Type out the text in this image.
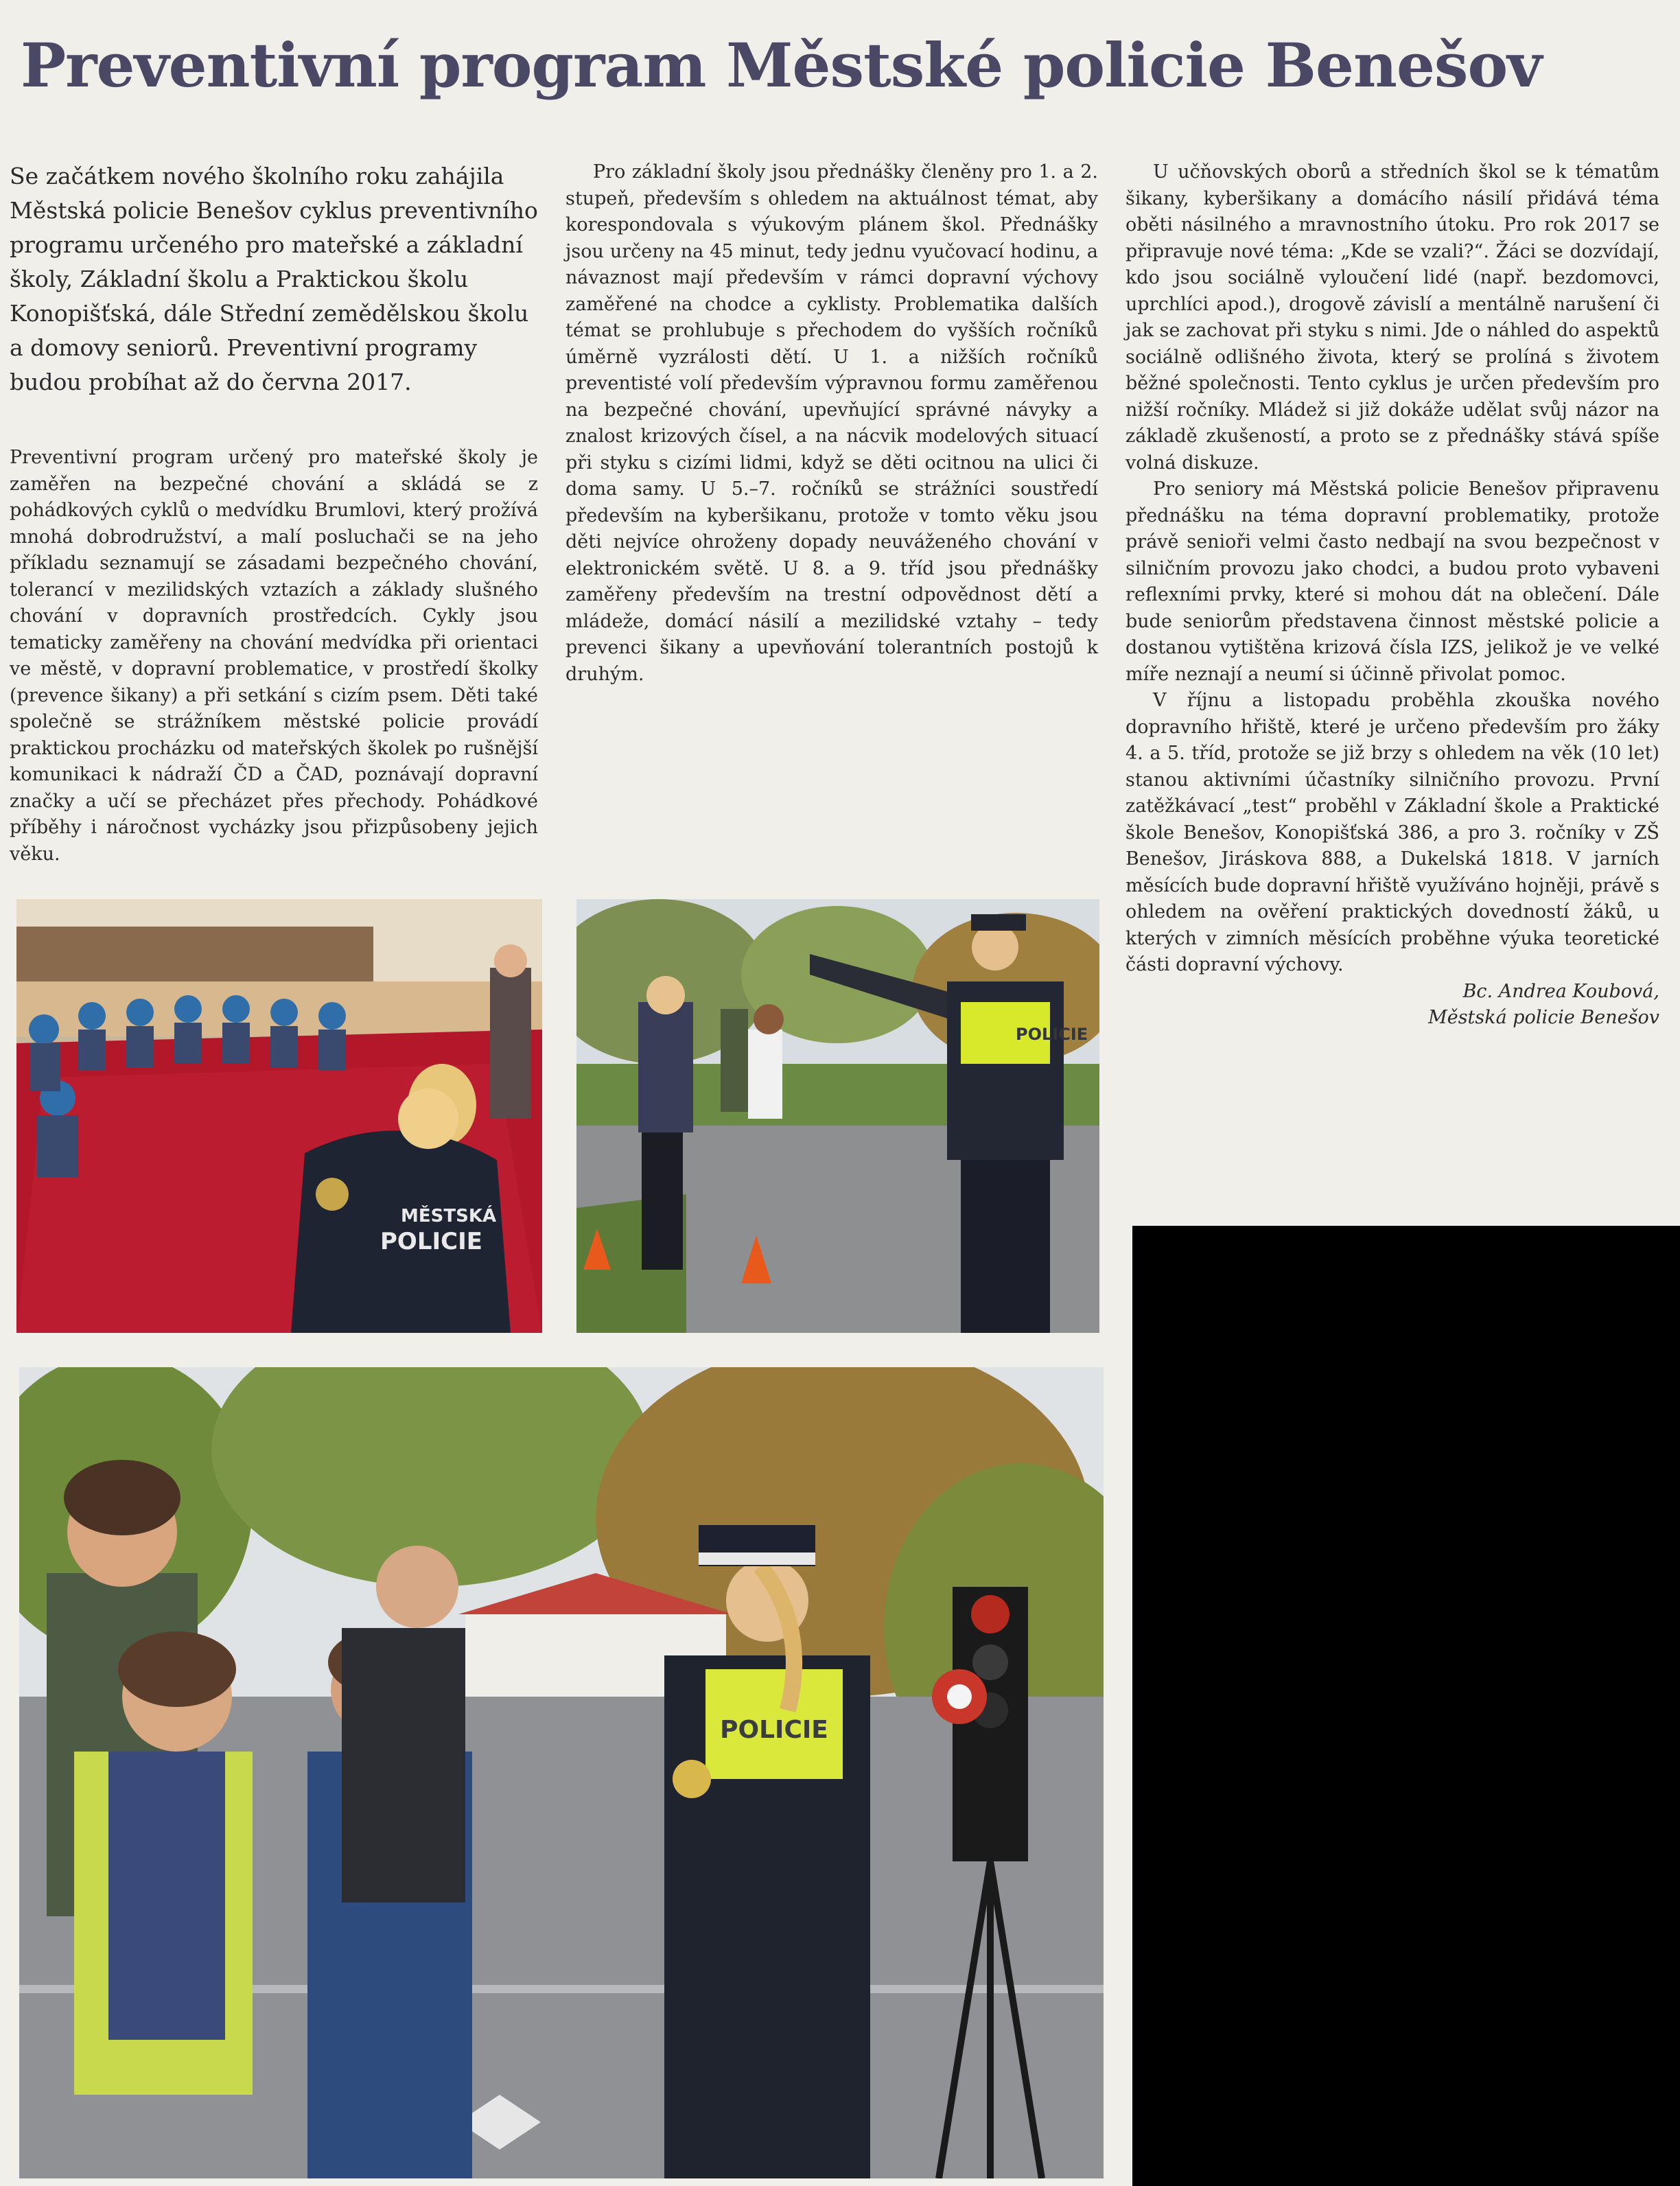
Preventivní program Městské policie Benešov

Se začátkem nového školního roku zahájila Městská policie Benešov cyklus preventivního programu určeného pro mateřské a základní školy, Základní školu a Praktickou školu Konopišťská, dále Střední zemědělskou školu a domovy seniorů. Preventivní programy budou probíhat až do června 2017.

Preventivní program určený pro mateřské školy je zaměřen na bezpečné chování a skládá se z pohádkových cyklů o medvídku Brumlovi, který prožívá mnohá dobrodružství, a malí posluchači se na jeho příkladu seznamují se zásadami bezpečného chování, tolerancí v mezilidských vztazích a základy slušného chování v dopravních prostředcích. Cykly jsou tematicky zaměřeny na chování medvídka při orientaci ve městě, v dopravní problematice, v prostředí školky (prevence šikany) a při setkání s cizím psem. Děti také společně se strážníkem městské policie provádí praktickou procházku od mateřských školek po rušnější komunikaci k nádraží ČD a ČAD, poznávají dopravní značky a učí se přecházet přes přechody. Pohádkové příběhy i náročnost vycházky jsou přizpůsobeny jejich věku.

Pro základní školy jsou přednášky členěny pro 1. a 2. stupeň, především s ohledem na aktuálnost témat, aby korespondovala s výukovým plánem škol. Přednášky jsou určeny na 45 minut, tedy jednu vyučovací hodinu, a návaznost mají především v rámci dopravní výchovy zaměřené na chodce a cyklisty. Problematika dalších témat se prohlubuje s přechodem do vyšších ročníků úměrně vyzrálosti dětí. U 1. a nižších ročníků preventisté volí především výpravnou formu zaměřenou na bezpečné chování, upevňující správné návyky a znalost krizových čísel, a na nácvik modelových situací při styku s cizími lidmi, když se děti ocitnou na ulici či doma samy. U 5.–7. ročníků se strážníci soustředí především na kyberšikanu, protože v tomto věku jsou děti nejvíce ohroženy dopady neuváženého chování v elektronickém světě. U 8. a 9. tříd jsou přednášky zaměřeny především na trestní odpovědnost dětí a mládeže, domácí násilí a mezilidské vztahy – tedy prevenci šikany a upevňování tolerantních postojů k druhým.

U učňovských oborů a středních škol se k tématům šikany, kyberšikany a domácího násilí přidává téma oběti násilného a mravnostního útoku. Pro rok 2017 se připravuje nové téma: „Kde se vzali?“. Žáci se dozvídají, kdo jsou sociálně vyloučení lidé (např. bezdomovci, uprchlíci apod.), drogově závislí a mentálně narušení či jak se zachovat při styku s nimi. Jde o náhled do aspektů sociálně odlišného života, který se prolíná s životem běžné společnosti. Tento cyklus je určen především pro nižší ročníky. Mládež si již dokáže udělat svůj názor na základě zkušeností, a proto se z přednášky stává spíše volná diskuze.

Pro seniory má Městská policie Benešov připravenu přednášku na téma dopravní problematiky, protože právě senioři velmi často nedbají na svou bezpečnost v silničním provozu jako chodci, a budou proto vybaveni reflexními prvky, které si mohou dát na oblečení. Dále bude seniorům představena činnost městské policie a dostanou vytištěna krizová čísla IZS, jelikož je ve velké míře neznají a neumí si účinně přivolat pomoc.

V říjnu a listopadu proběhla zkouška nového dopravního hřiště, které je určeno především pro žáky 4. a 5. tříd, protože se již brzy s ohledem na věk (10 let) stanou aktivními účastníky silničního provozu. První zatěžkávací „test“ proběhl v Základní škole a Praktické škole Benešov, Konopišťská 386, a pro 3. ročníky v ZŠ Benešov, Jiráskova 888, a Dukelská 1818. V jarních měsících bude dopravní hřiště využíváno hojněji, právě s ohledem na ověření praktických dovedností žáků, u kterých v zimních měsících proběhne výuka teoretické části dopravní výchovy.

Bc. Andrea Koubová,

Městská policie Benešov

MĚSTSKÁ
POLICIE
POLICIE
POLICIE
